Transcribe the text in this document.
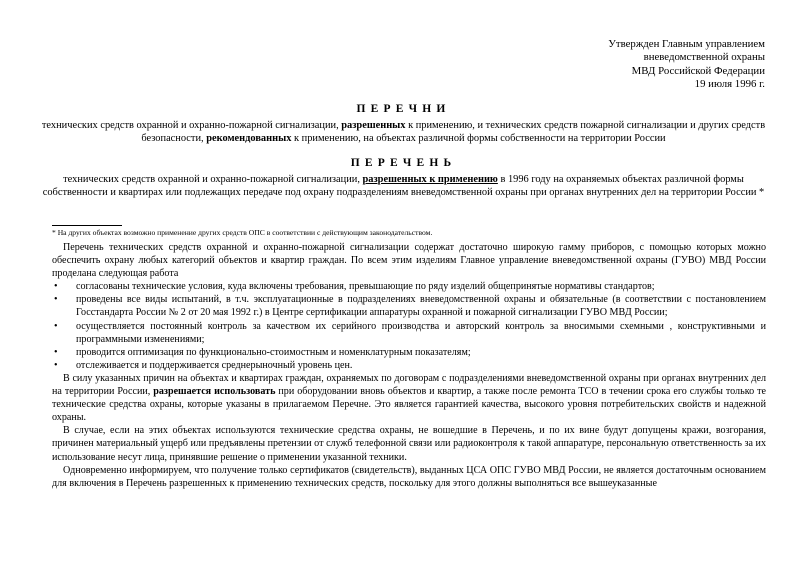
Утвержден Главным управлением
вневедомственной охраны
МВД Российской Федерации
19 июля 1996 г.
ПЕРЕЧНИ
технических средств охранной и охранно-пожарной сигнализации, разрешенных к применению, и технических средств пожарной сигнализации и других средств безопасности, рекомендованных к применению, на объектах различной формы собственности на территории России
ПЕРЕЧЕНЬ
технических средств охранной и охранно-пожарной сигнализации, разрешенных к применению в 1996 году на охраняемых объектах различной формы собственности и квартирах или подлежащих передаче под охрану подразделениям вневедомственной охраны при органах внутренних дел на территории России *
* На других объектах возможно применение других средств ОПС в соответствии с действующим законодательством.

Перечень технических средств охранной и охранно-пожарной сигнализации содержат достаточно широкую гамму приборов, с помощью которых можно обеспечить охрану любых категорий объектов и квартир граждан. По всем этим изделиям Главное управление вневедомственной охраны (ГУВО) МВД России проделана следующая работа

•	согласованы технические условия, куда включены требования, превышающие по ряду изделий общепринятые нормативы стандартов;
•	проведены все виды испытаний, в т.ч. эксплуатационные в подразделениях вневедомственной охраны и обязательные (в соответствии с постановлением Госстандарта России № 2 от 20 мая 1992 г.) в Центре сертификации аппаратуры охранной и пожарной сигнализации ГУВО МВД России;
•	осуществляется постоянный контроль за качеством их серийного производства и авторский контроль за вносимыми схемными , конструктивными и программными изменениями;
•	проводится оптимизация по функционально-стоимостным и номенклатурным показателям;
•	отслеживается и поддерживается среднерыночный уровень цен.

В силу указанных причин на объектах и квартирах граждан, охраняемых по договорам с подразделениями вневедомственной охраны при органах внутренних дел на территории России, разрешается использовать при оборудовании вновь объектов и квартир, а также после ремонта ТСО в течении срока его службы только те технические средства охраны, которые указаны в прилагаемом Перечне. Это является гарантией качества, высокого уровня потребительских свойств и надежной охраны.

В случае, если на этих объектах используются технические средства охраны, не вошедшие в Перечень, и по их вине будут допущены кражи, возгорания, причинен материальный ущерб или предъявлены претензии от служб телефонной связи или радиоконтроля к такой аппаратуре, персональную ответственность за их использование несут лица, принявшие решение о применении указанной техники.

Одновременно информируем, что получение только сертификатов (свидетельств), выданных ЦСА ОПС ГУВО МВД России, не является достаточным основанием для включения в Перечень разрешенных к применению технических средств, поскольку для этого должны выполняться все вышеуказанные
